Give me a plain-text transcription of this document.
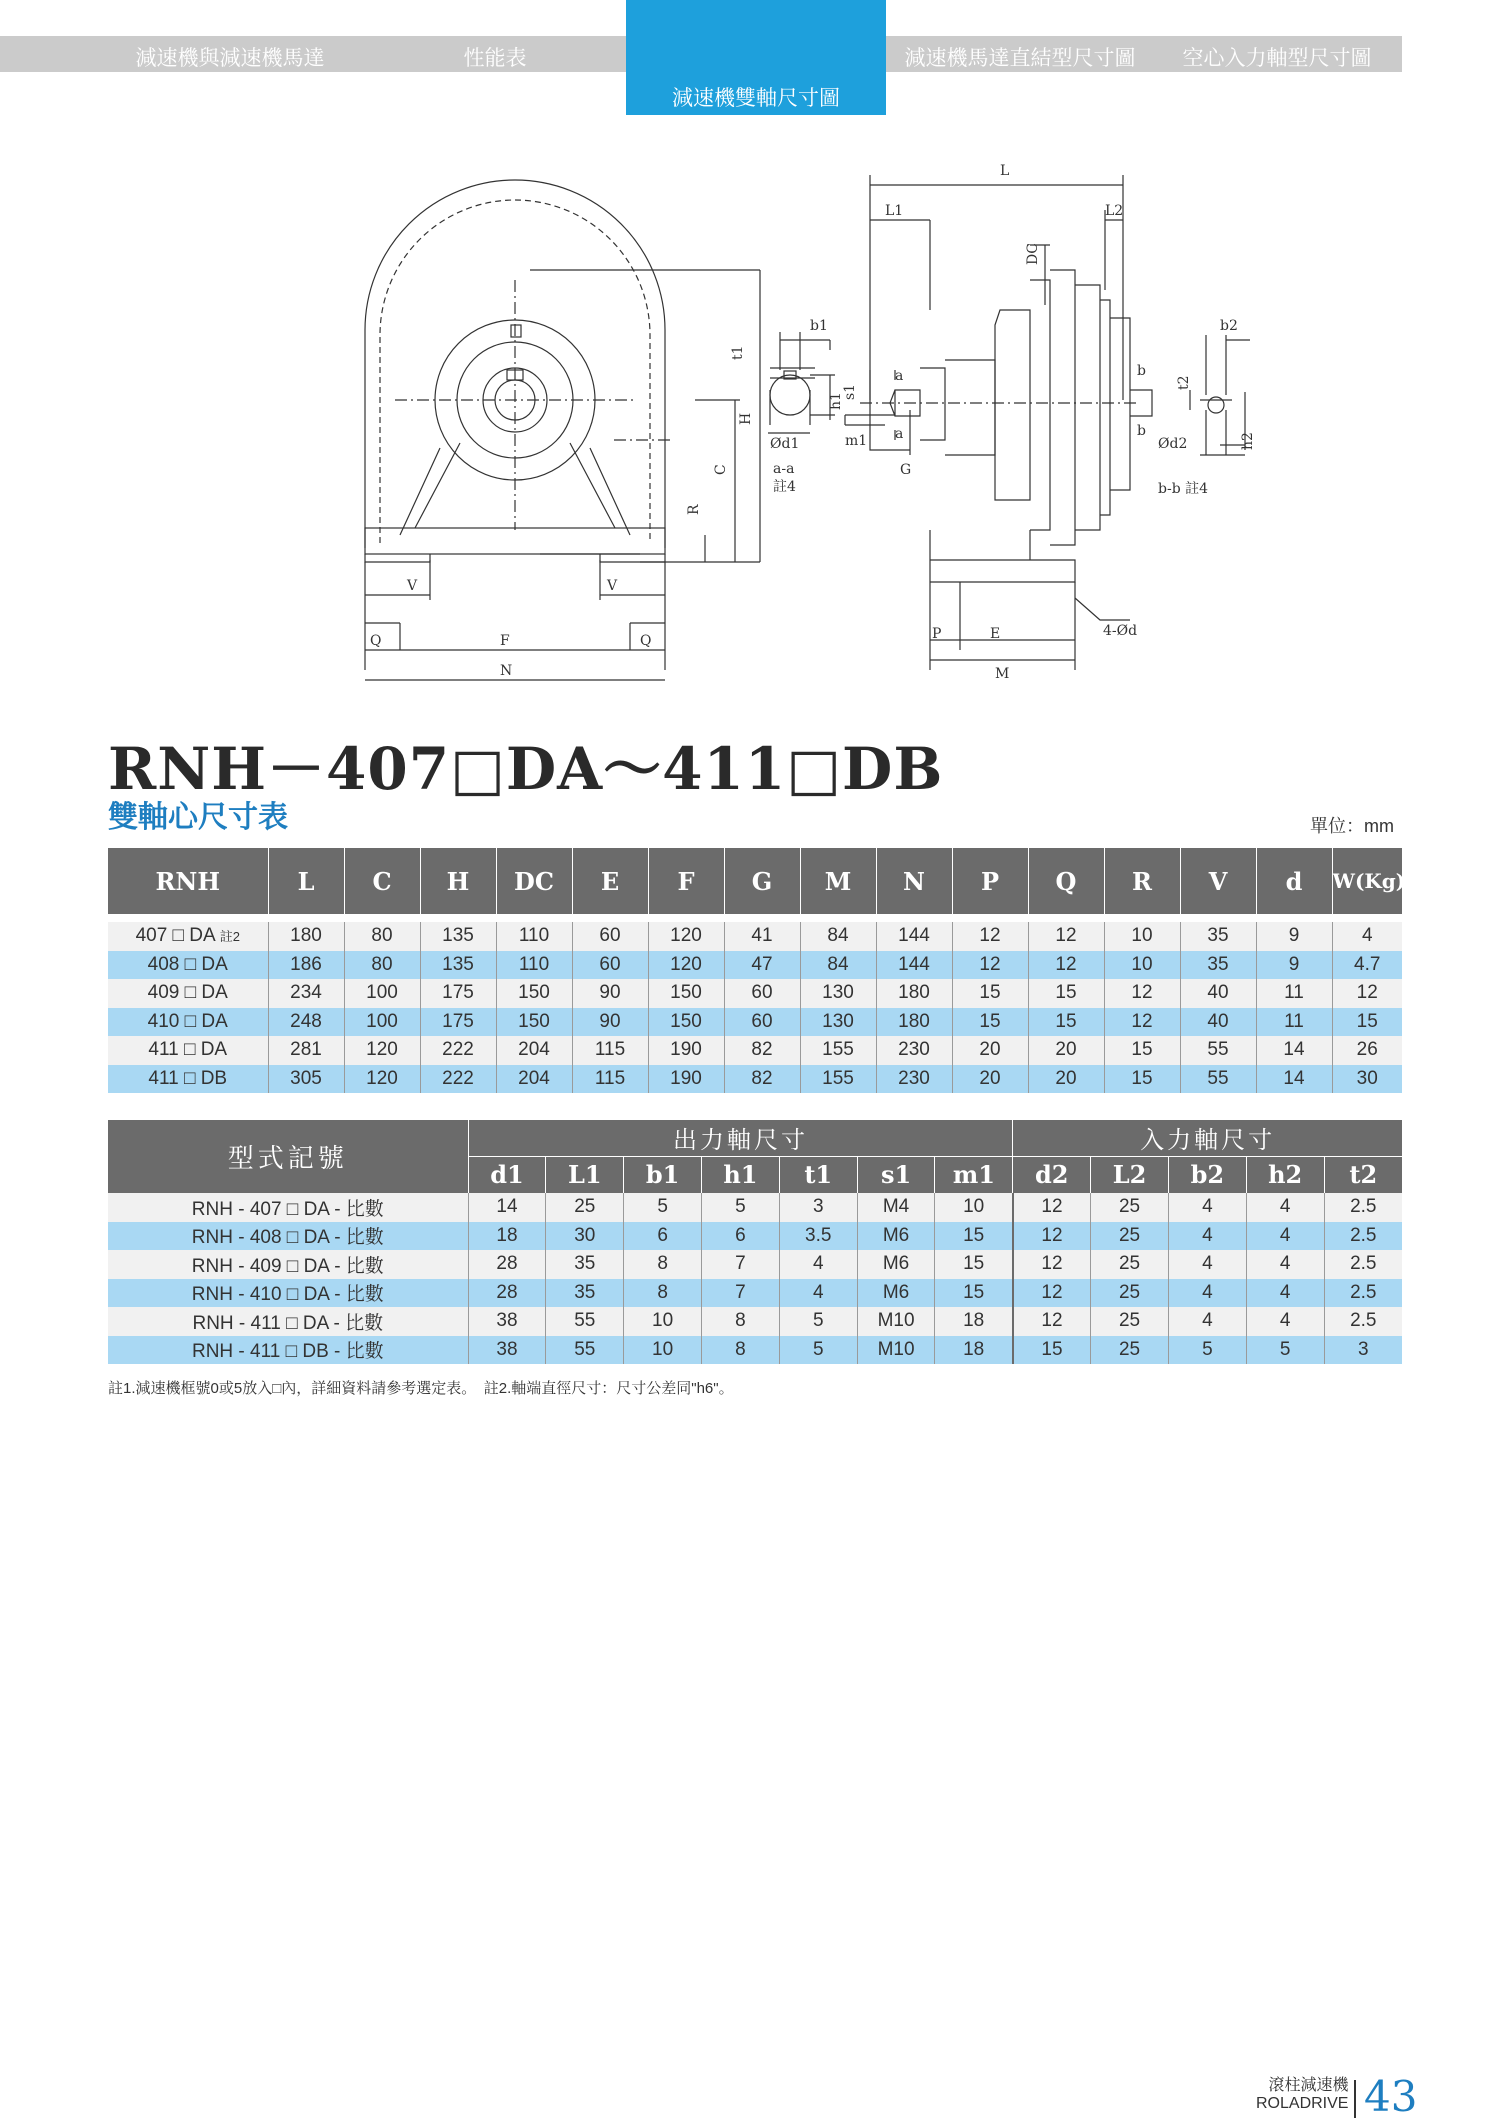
減速機與減速機馬達	性能表
減速機雙軸尺寸圖
減速機馬達直結型尺寸圖	空心入力軸型尺寸圖
H
C
R
V	V
Q	Q
F
N
b1
t1
h1
Ød1
a-a
註4
L
L1	L2
DC
s1
m1
a
a
G
P	E
M
4-Ød
b
b
b2
t2
h2
Ød2
b-b 註4
RNH－407□DA～411□DB
雙軸心尺寸表	單位：mm
RNH	L	C	H	DC	E	F	G	M	N	P	Q	R	V	d	W(Kg)

407 □ DA 註2	180	80	135	110	60	120	41	84	144	12	12	10	35	9	4
408 □ DA	186	80	135	110	60	120	47	84	144	12	12	10	35	9	4.7
409 □ DA	234	100	175	150	90	150	60	130	180	15	15	12	40	11	12
410 □ DA	248	100	175	150	90	150	60	130	180	15	15	12	40	11	15
411 □ DA	281	120	222	204	115	190	82	155	230	20	20	15	55	14	26
411 □ DB	305	120	222	204	115	190	82	155	230	20	20	15	55	14	30
型式記號	出力軸尺寸							入力軸尺寸				
	d1	L1	b1	h1	t1	s1	m1	d2	L2	b2	h2	t2
RNH - 407 □ DA - 比數	14	25	5	5	3	M4	10	12	25	4	4	2.5
RNH - 408 □ DA - 比數	18	30	6	6	3.5	M6	15	12	25	4	4	2.5
RNH - 409 □ DA - 比數	28	35	8	7	4	M6	15	12	25	4	4	2.5
RNH - 410 □ DA - 比數	28	35	8	7	4	M6	15	12	25	4	4	2.5
RNH - 411 □ DA - 比數	38	55	10	8	5	M10	18	12	25	4	4	2.5
RNH - 411 □ DB - 比數	38	55	10	8	5	M10	18	15	25	5	5	3
註1.減速機框號0或5放入□內，詳細資料請參考選定表。　註2.軸端直徑尺寸：尺寸公差同"h6"。
滾柱減速機
ROLADRIVE 43
